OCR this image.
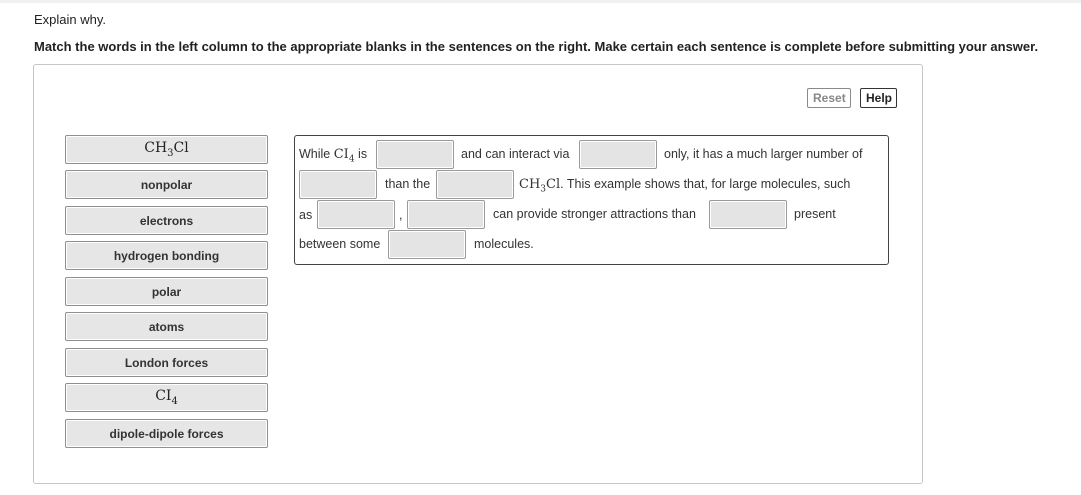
Explain why.
Match the words in the left column to the appropriate blanks in the sentences on the right. Make certain each sentence is complete before submitting your answer.
Reset	Help
$CH_3Cl$
nonpolar
electrons
hydrogen bonding
polar
atoms
London forces
$CI_4$
dipole-dipole forces
While $CI_4$ is	and can interact via	only, it has a much larger number of
than the	$CH_3Cl$. This example shows that, for large molecules, such
as	,	can provide stronger attractions than	present
between some	molecules.
